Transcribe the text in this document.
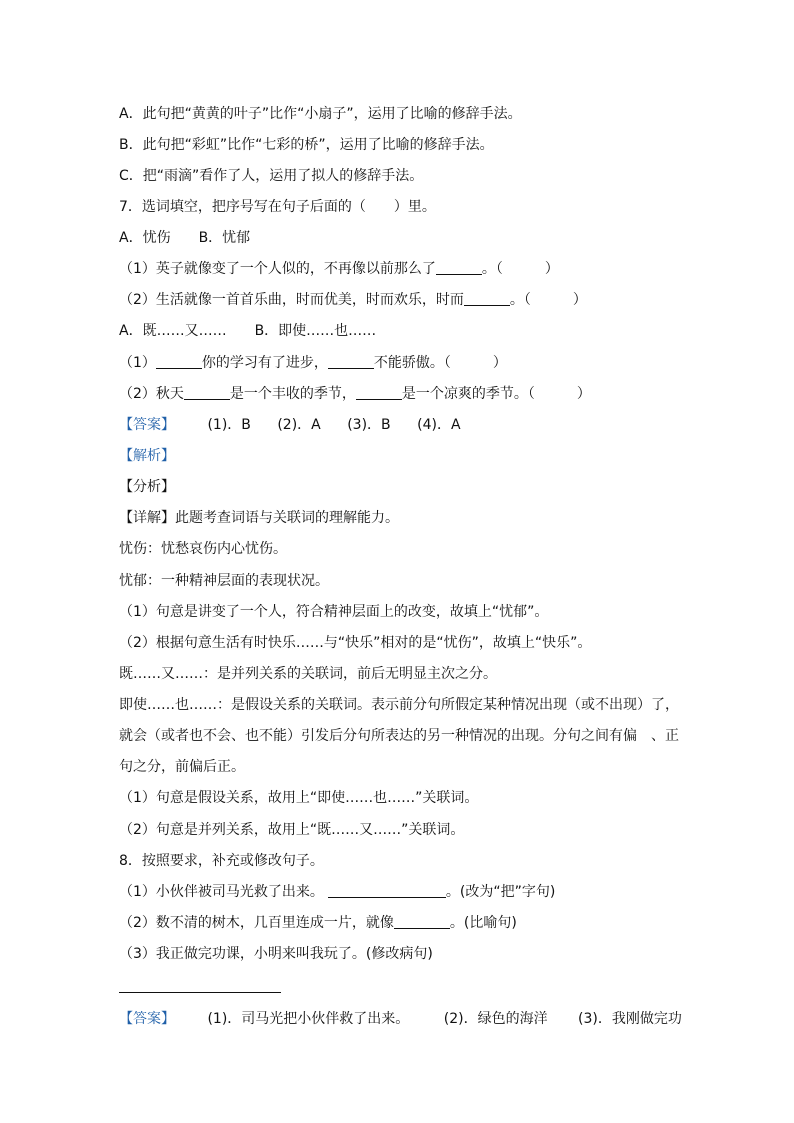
A．此句把“黄黄的叶子”比作“小扇子”，运用了比喻的修辞手法。
B．此句把“彩虹”比作“七彩的桥”，运用了比喻的修辞手法。
C．把“雨滴”看作了人，运用了拟人的修辞手法。
7．选词填空，把序号写在句子后面的（　　）里。
A．忧伤　　B．忧郁
（1）英子就像变了一个人似的，不再像以前那么了	。（　　　）
（2）生活就像一首首乐曲，时而优美，时而欢乐，时而	。（　　　）
A．既……又……　　B．即使……也……
（1）	你的学习有了进步，	不能骄傲。（　　　）
（2）秋天	是一个丰收的季节，	是一个凉爽的季节。（　　　）
【答案】 (1)．B (2)．A (3)．B (4)．A
【解析】
【分析】
【详解】此题考查词语与关联词的理解能力。
忧伤：忧愁哀伤内心忧伤。
忧郁：一种精神层面的表现状况。
（1）句意是讲变了一个人，符合精神层面上的改变，故填上“忧郁”。
（2）根据句意生活有时快乐……与“快乐”相对的是“忧伤”，故填上“快乐”。
既……又……：是并列关系的关联词，前后无明显主次之分。
即使……也……：是假设关系的关联词。表示前分句所假定某种情况出现（或不出现）了，
就会（或者也不会、也不能）引发后分句所表达的另一种情况的出现。分句之间有偏　、正
句之分，前偏后正。
（1）句意是假设关系，故用上“即使……也……”关联词。
（2）句意是并列关系，故用上“既……又……”关联词。
8．按照要求，补充或修改句子。
（1）小伙伴被司马光救了出来。	。(改为“把”字句)
（2）数不清的树木，几百里连成一片，就像	。(比喻句)
（3）我正做完功课，小明来叫我玩了。(修改病句)
【答案】 (1)．司马光把小伙伴救了出来。 (2)．绿色的海洋 (3)．我刚做完功
